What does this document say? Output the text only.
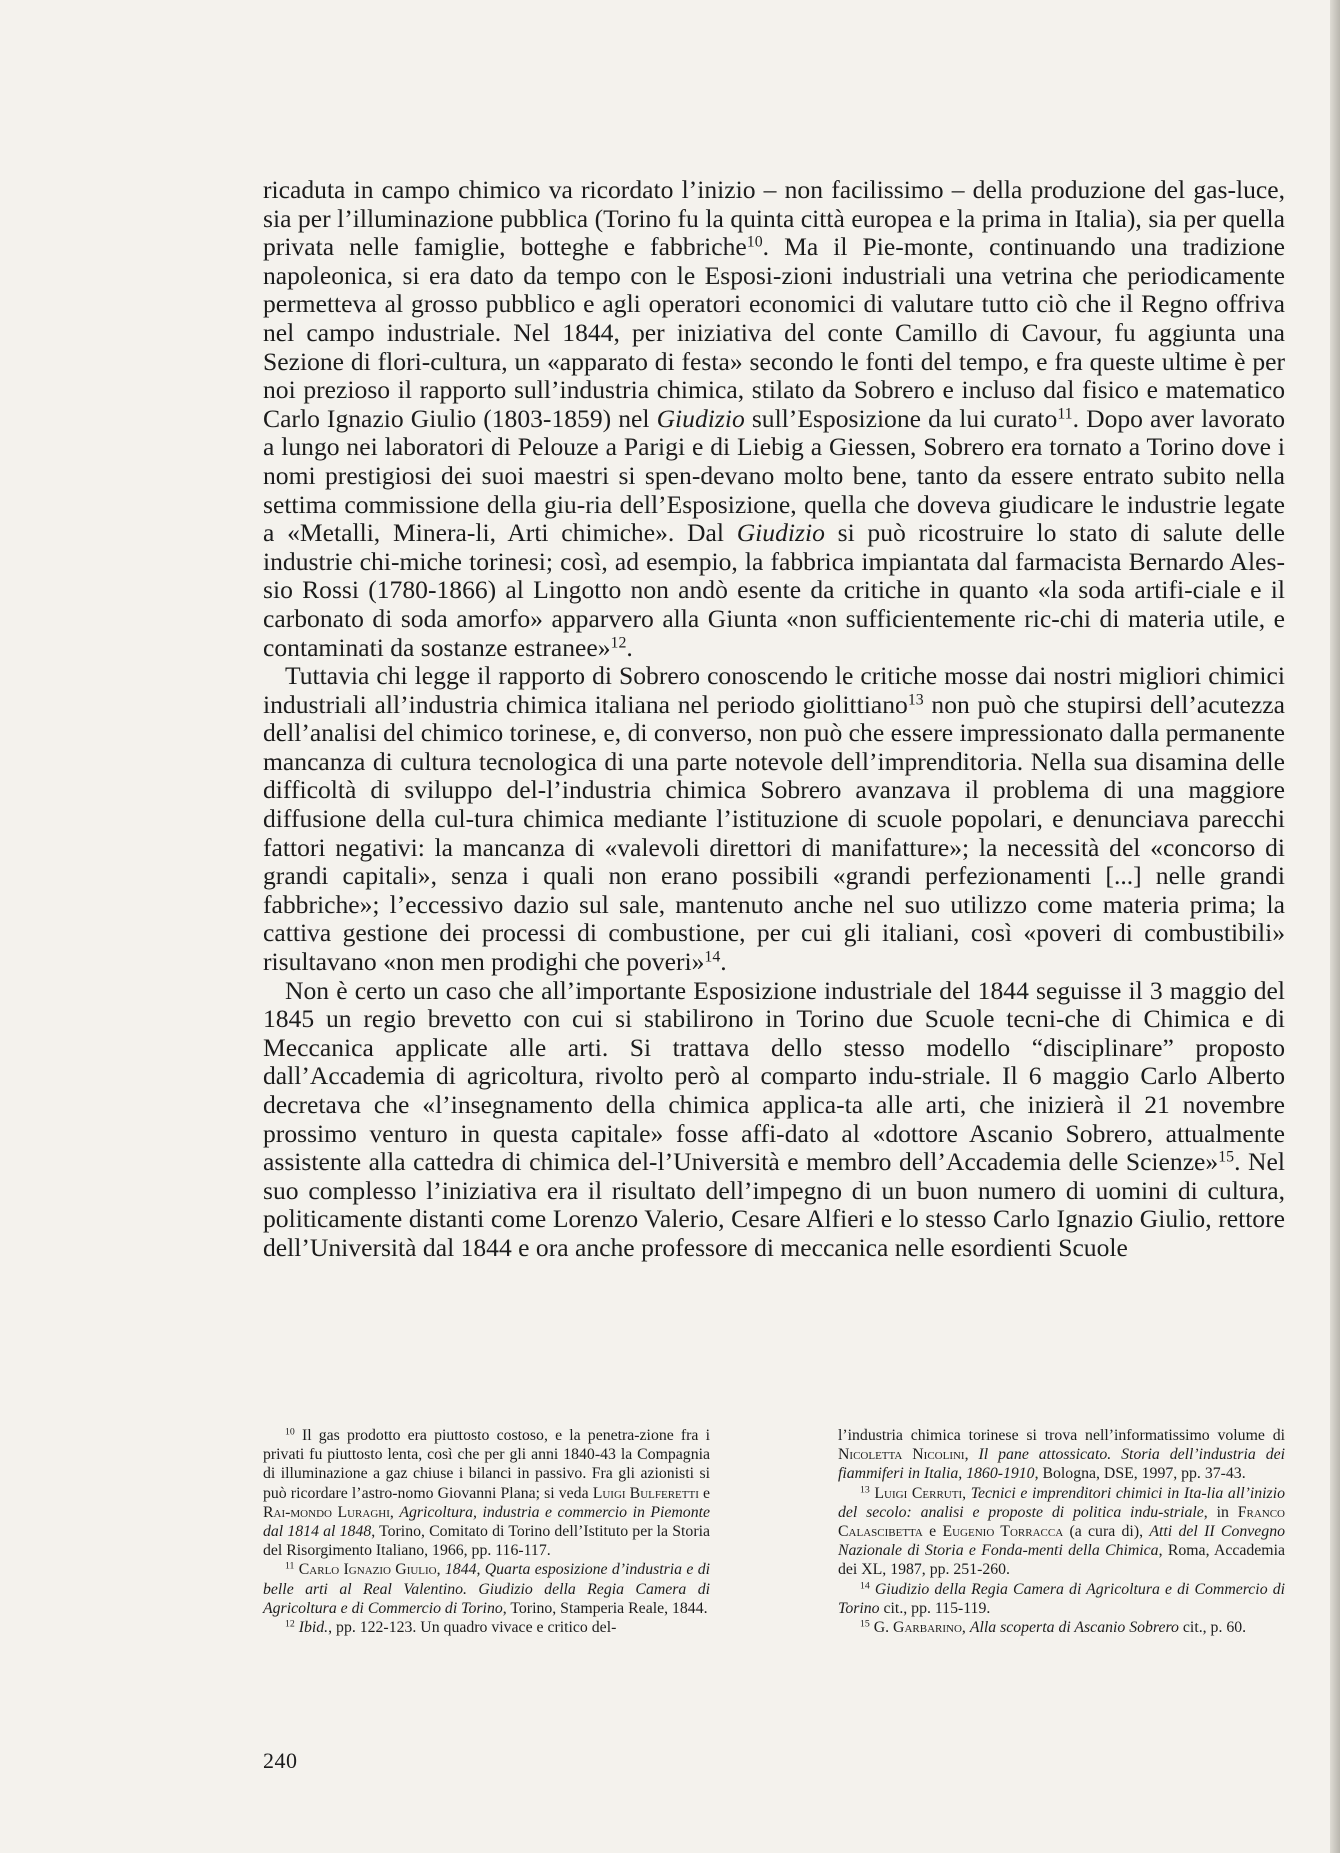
ricaduta in campo chimico va ricordato l’inizio – non facilissimo – della produzione del gas-luce, sia per l’illuminazione pubblica (Torino fu la quinta città europea e la prima in Italia), sia per quella privata nelle famiglie, botteghe e fabbriche$^{10}$. Ma il Pie-monte, continuando una tradizione napoleonica, si era dato da tempo con le Esposi-zioni industriali una vetrina che periodicamente permetteva al grosso pubblico e agli operatori economici di valutare tutto ciò che il Regno offriva nel campo industriale. Nel 1844, per iniziativa del conte Camillo di Cavour, fu aggiunta una Sezione di flori-cultura, un «apparato di festa» secondo le fonti del tempo, e fra queste ultime è per noi prezioso il rapporto sull’industria chimica, stilato da Sobrero e incluso dal fisico e matematico Carlo Ignazio Giulio (1803-1859) nel Giudizio sull’Esposizione da lui curato$^{11}$. Dopo aver lavorato a lungo nei laboratori di Pelouze a Parigi e di Liebig a Giessen, Sobrero era tornato a Torino dove i nomi prestigiosi dei suoi maestri si spen-devano molto bene, tanto da essere entrato subito nella settima commissione della giu-ria dell’Esposizione, quella che doveva giudicare le industrie legate a «Metalli, Minera-li, Arti chimiche». Dal Giudizio si può ricostruire lo stato di salute delle industrie chi-miche torinesi; così, ad esempio, la fabbrica impiantata dal farmacista Bernardo Ales-sio Rossi (1780-1866) al Lingotto non andò esente da critiche in quanto «la soda artifi-ciale e il carbonato di soda amorfo» apparvero alla Giunta «non sufficientemente ric-chi di materia utile, e contaminati da sostanze estranee»$^{12}$.

Tuttavia chi legge il rapporto di Sobrero conoscendo le critiche mosse dai nostri migliori chimici industriali all’industria chimica italiana nel periodo giolittiano$^{13}$ non può che stupirsi dell’acutezza dell’analisi del chimico torinese, e, di converso, non può che essere impressionato dalla permanente mancanza di cultura tecnologica di una parte notevole dell’imprenditoria. Nella sua disamina delle difficoltà di sviluppo del-l’industria chimica Sobrero avanzava il problema di una maggiore diffusione della cul-tura chimica mediante l’istituzione di scuole popolari, e denunciava parecchi fattori negativi: la mancanza di «valevoli direttori di manifatture»; la necessità del «concorso di grandi capitali», senza i quali non erano possibili «grandi perfezionamenti [...] nelle grandi fabbriche»; l’eccessivo dazio sul sale, mantenuto anche nel suo utilizzo come materia prima; la cattiva gestione dei processi di combustione, per cui gli italiani, così «poveri di combustibili» risultavano «non men prodighi che poveri»$^{14}$.

Non è certo un caso che all’importante Esposizione industriale del 1844 seguisse il 3 maggio del 1845 un regio brevetto con cui si stabilirono in Torino due Scuole tecni-che di Chimica e di Meccanica applicate alle arti. Si trattava dello stesso modello “disciplinare” proposto dall’Accademia di agricoltura, rivolto però al comparto indu-striale. Il 6 maggio Carlo Alberto decretava che «l’insegnamento della chimica applica-ta alle arti, che inizierà il 21 novembre prossimo venturo in questa capitale» fosse affi-dato al «dottore Ascanio Sobrero, attualmente assistente alla cattedra di chimica del-l’Università e membro dell’Accademia delle Scienze»$^{15}$. Nel suo complesso l’iniziativa era il risultato dell’impegno di un buon numero di uomini di cultura, politicamente distanti come Lorenzo Valerio, Cesare Alfieri e lo stesso Carlo Ignazio Giulio, rettore dell’Università dal 1844 e ora anche professore di meccanica nelle esordienti Scuole

$^{10}$ Il gas prodotto era piuttosto costoso, e la penetra-zione fra i privati fu piuttosto lenta, così che per gli anni 1840-43 la Compagnia di illuminazione a gaz chiuse i bilanci in passivo. Fra gli azionisti si può ricordare l’astro-nomo Giovanni Plana; si veda Luigi Bulferetti e Rai-mondo Luraghi, Agricoltura, industria e commercio in Piemonte dal 1814 al 1848, Torino, Comitato di Torino dell’Istituto per la Storia del Risorgimento Italiano, 1966, pp. 116-117.

$^{11}$ Carlo Ignazio Giulio, 1844, Quarta esposizione d’industria e di belle arti al Real Valentino. Giudizio della Regia Camera di Agricoltura e di Commercio di Torino, Torino, Stamperia Reale, 1844.

$^{12}$ Ibid., pp. 122-123. Un quadro vivace e critico del-

l’industria chimica torinese si trova nell’informatissimo volume di Nicoletta Nicolini, Il pane attossicato. Storia dell’industria dei fiammiferi in Italia, 1860-1910, Bologna, DSE, 1997, pp. 37-43.

$^{13}$ Luigi Cerruti, Tecnici e imprenditori chimici in Ita-lia all’inizio del secolo: analisi e proposte di politica indu-striale, in Franco Calascibetta e Eugenio Torracca (a cura di), Atti del II Convegno Nazionale di Storia e Fonda-menti della Chimica, Roma, Accademia dei XL, 1987, pp. 251-260.

$^{14}$ Giudizio della Regia Camera di Agricoltura e di Commercio di Torino cit., pp. 115-119.

$^{15}$ G. Garbarino, Alla scoperta di Ascanio Sobrero cit., p. 60.

240
